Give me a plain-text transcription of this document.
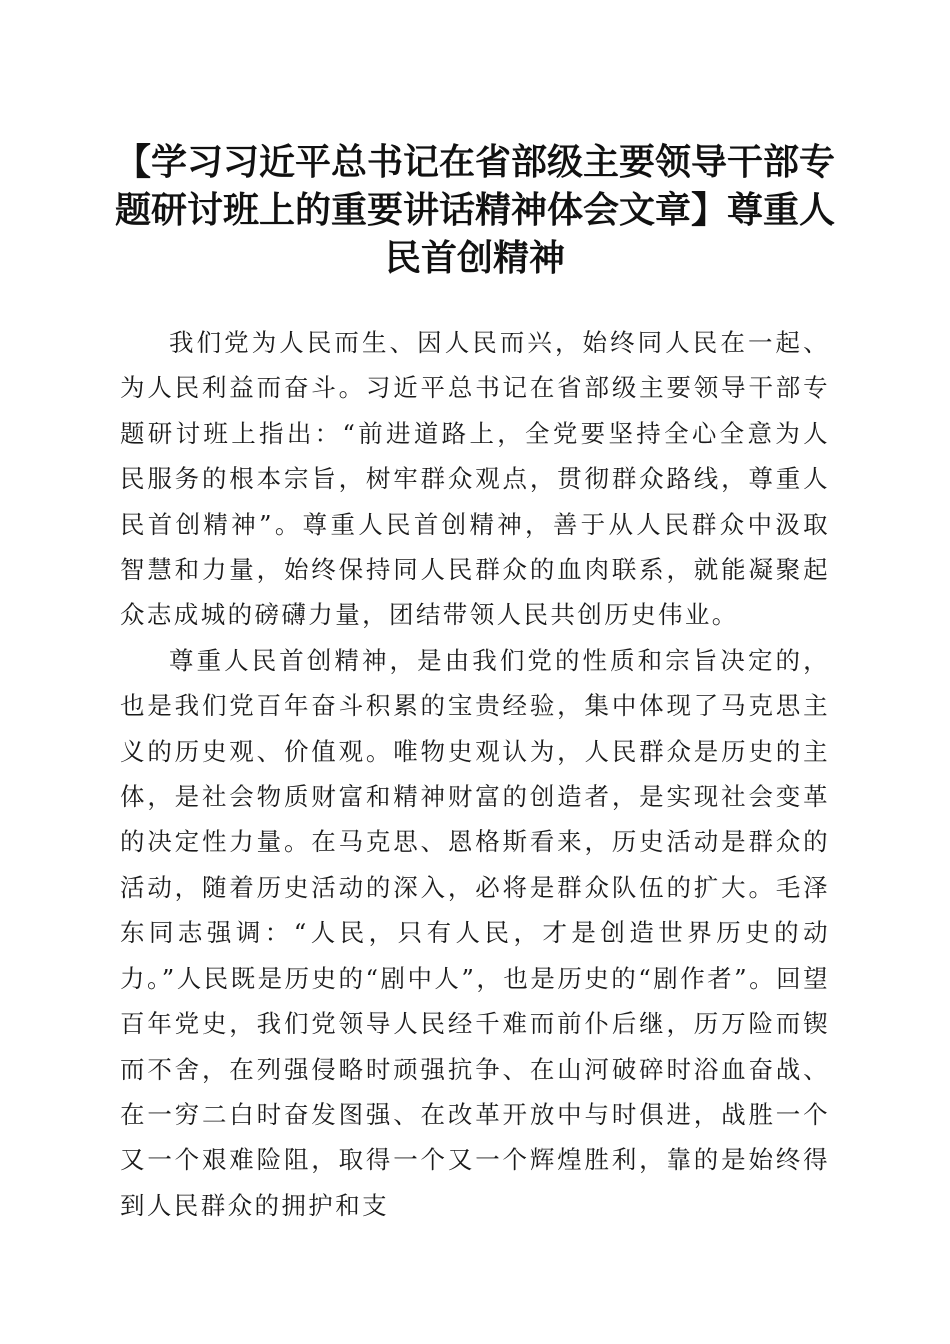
【学习习近平总书记在省部级主要领导干部专题研讨班上的重要讲话精神体会文章】尊重人民首创精神

我们党为人民而生、因人民而兴，始终同人民在一起、为人民利益而奋斗。习近平总书记在省部级主要领导干部专题研讨班上指出：“前进道路上，全党要坚持全心全意为人民服务的根本宗旨，树牢群众观点，贯彻群众路线，尊重人民首创精神”。尊重人民首创精神，善于从人民群众中汲取智慧和力量，始终保持同人民群众的血肉联系，就能凝聚起众志成城的磅礴力量，团结带领人民共创历史伟业。

尊重人民首创精神，是由我们党的性质和宗旨决定的，也是我们党百年奋斗积累的宝贵经验，集中体现了马克思主义的历史观、价值观。唯物史观认为，人民群众是历史的主体，是社会物质财富和精神财富的创造者，是实现社会变革的决定性力量。在马克思、恩格斯看来，历史活动是群众的活动，随着历史活动的深入，必将是群众队伍的扩大。毛泽东同志强调：“人民，只有人民，才是创造世界历史的动力。”人民既是历史的“剧中人”，也是历史的“剧作者”。回望百年党史，我们党领导人民经千难而前仆后继，历万险而锲而不舍，在列强侵略时顽强抗争、在山河破碎时浴血奋战、在一穷二白时奋发图强、在改革开放中与时俱进，战胜一个又一个艰难险阻，取得一个又一个辉煌胜利，靠的是始终得到人民群众的拥护和支
